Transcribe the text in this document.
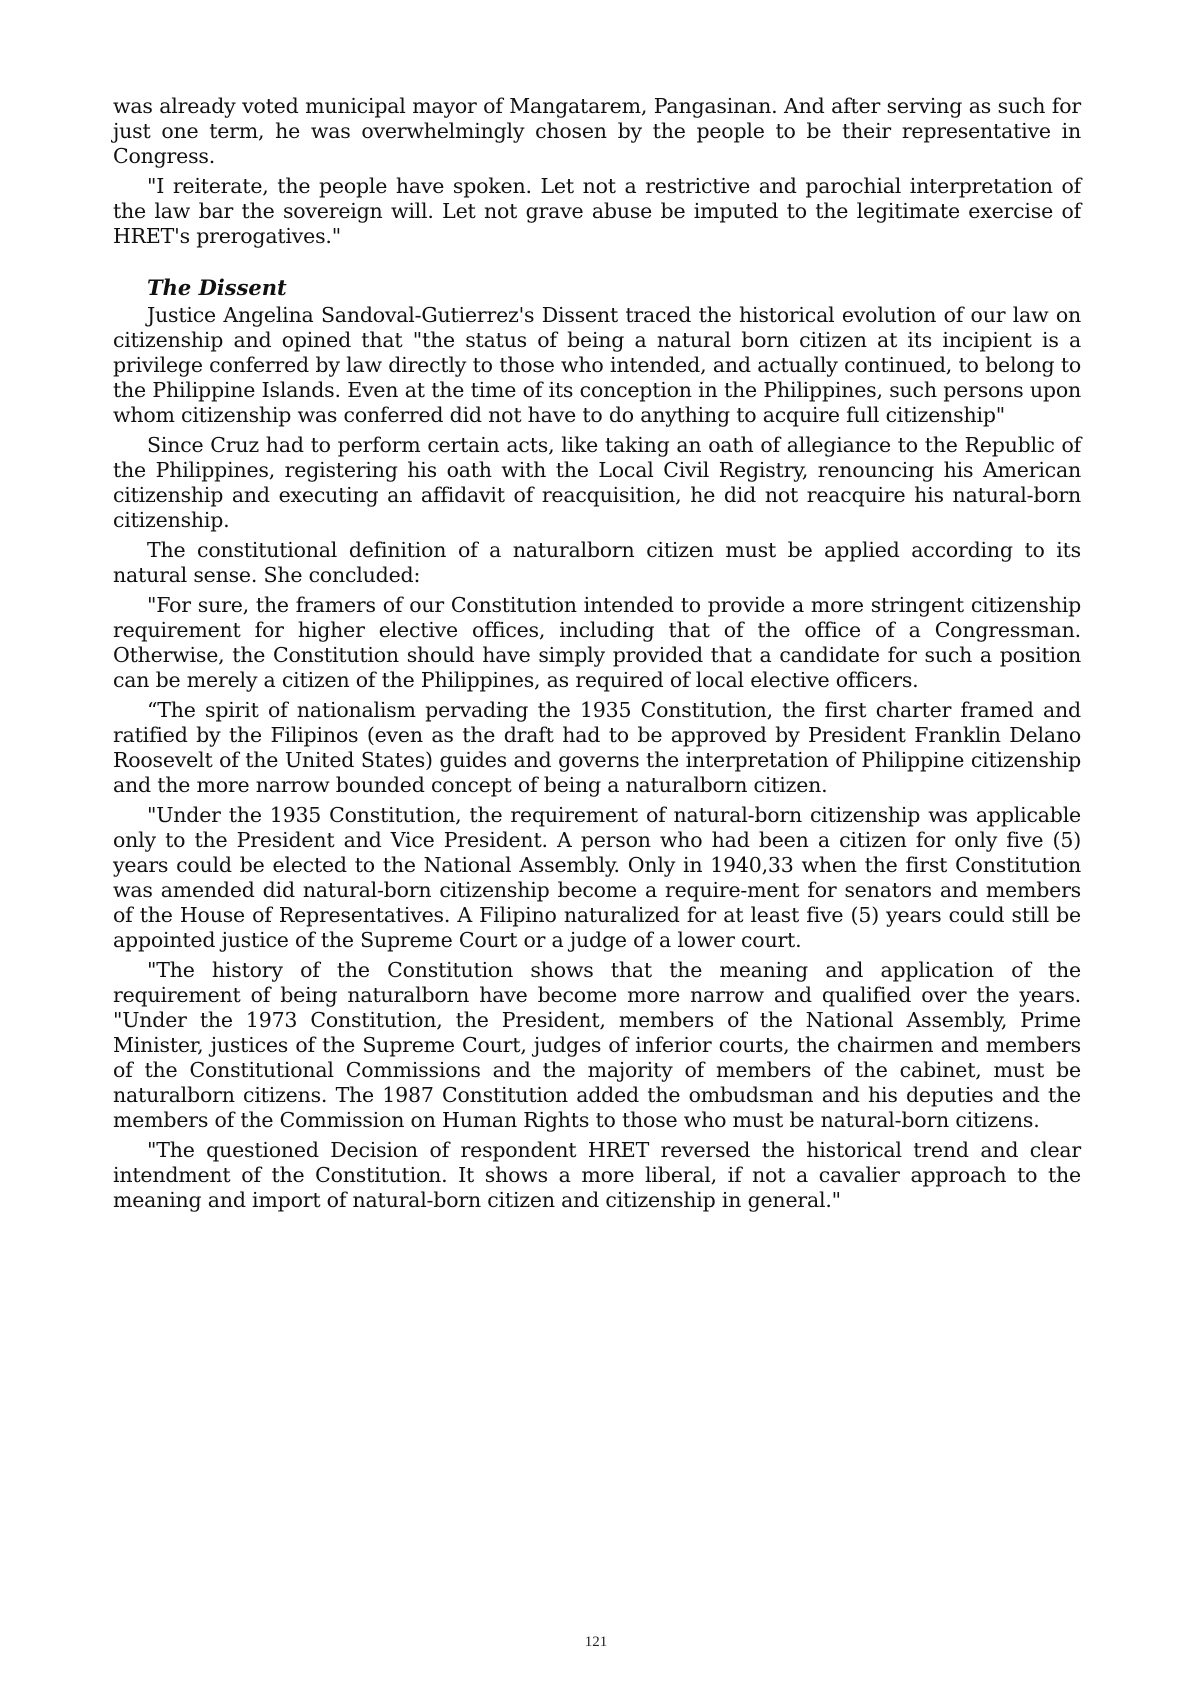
was already voted municipal mayor of Mangatarem, Pangasinan. And after serving as such for just one term, he was overwhelmingly chosen by the people to be their representative in Congress.

"I reiterate, the people have spoken. Let not a restrictive and parochial interpretation of the law bar the sovereign will. Let not grave abuse be imputed to the legitimate exercise of HRET's prerogatives."

The Dissent

Justice Angelina Sandoval-Gutierrez's Dissent traced the historical evolution of our law on citizenship and opined that "the status of being a natural born citizen at its incipient is a privilege conferred by law directly to those who intended, and actually continued, to belong to the Philippine Islands. Even at the time of its conception in the Philippines, such persons upon whom citizenship was conferred did not have to do anything to acquire full citizenship"

Since Cruz had to perform certain acts, like taking an oath of allegiance to the Republic of the Philippines, registering his oath with the Local Civil Registry, renouncing his American citizenship and executing an affidavit of reacquisition, he did not reacquire his natural-born citizenship.

The constitutional definition of a naturalborn citizen must be applied according to its natural sense. She concluded:

"For sure, the framers of our Constitution intended to provide a more stringent citizenship requirement for higher elective offices, including that of the office of a Congressman. Otherwise, the Constitution should have simply provided that a candidate for such a position can be merely a citizen of the Philippines, as required of local elective officers.

“The spirit of nationalism pervading the 1935 Constitution, the first charter framed and ratified by the Filipinos (even as the draft had to be approved by President Franklin Delano Roosevelt of the United States) guides and governs the interpretation of Philippine citizenship and the more narrow bounded concept of being a naturalborn citizen.

"Under the 1935 Constitution, the requirement of natural-born citizenship was applicable only to the President and Vice President. A person who had been a citizen for only five (5) years could be elected to the National Assembly. Only in 1940,33 when the first Constitution was amended did natural-born citizenship become a require-ment for senators and members of the House of Representatives. A Filipino naturalized for at least five (5) years could still be appointed justice of the Supreme Court or a judge of a lower court.

"The history of the Constitution shows that the meaning and application of the requirement of being naturalborn have become more narrow and qualified over the years. "Under the 1973 Constitution, the President, members of the National Assembly, Prime Minister, justices of the Supreme Court, judges of inferior courts, the chairmen and members of the Constitutional Commissions and the majority of members of the cabinet, must be naturalborn citizens. The 1987 Constitution added the ombudsman and his deputies and the members of the Commission on Human Rights to those who must be natural-born citizens.

"The questioned Decision of respondent HRET reversed the historical trend and clear intendment of the Constitution. It shows a more liberal, if not a cavalier approach to the meaning and import of natural-born citizen and citizenship in general."

121
